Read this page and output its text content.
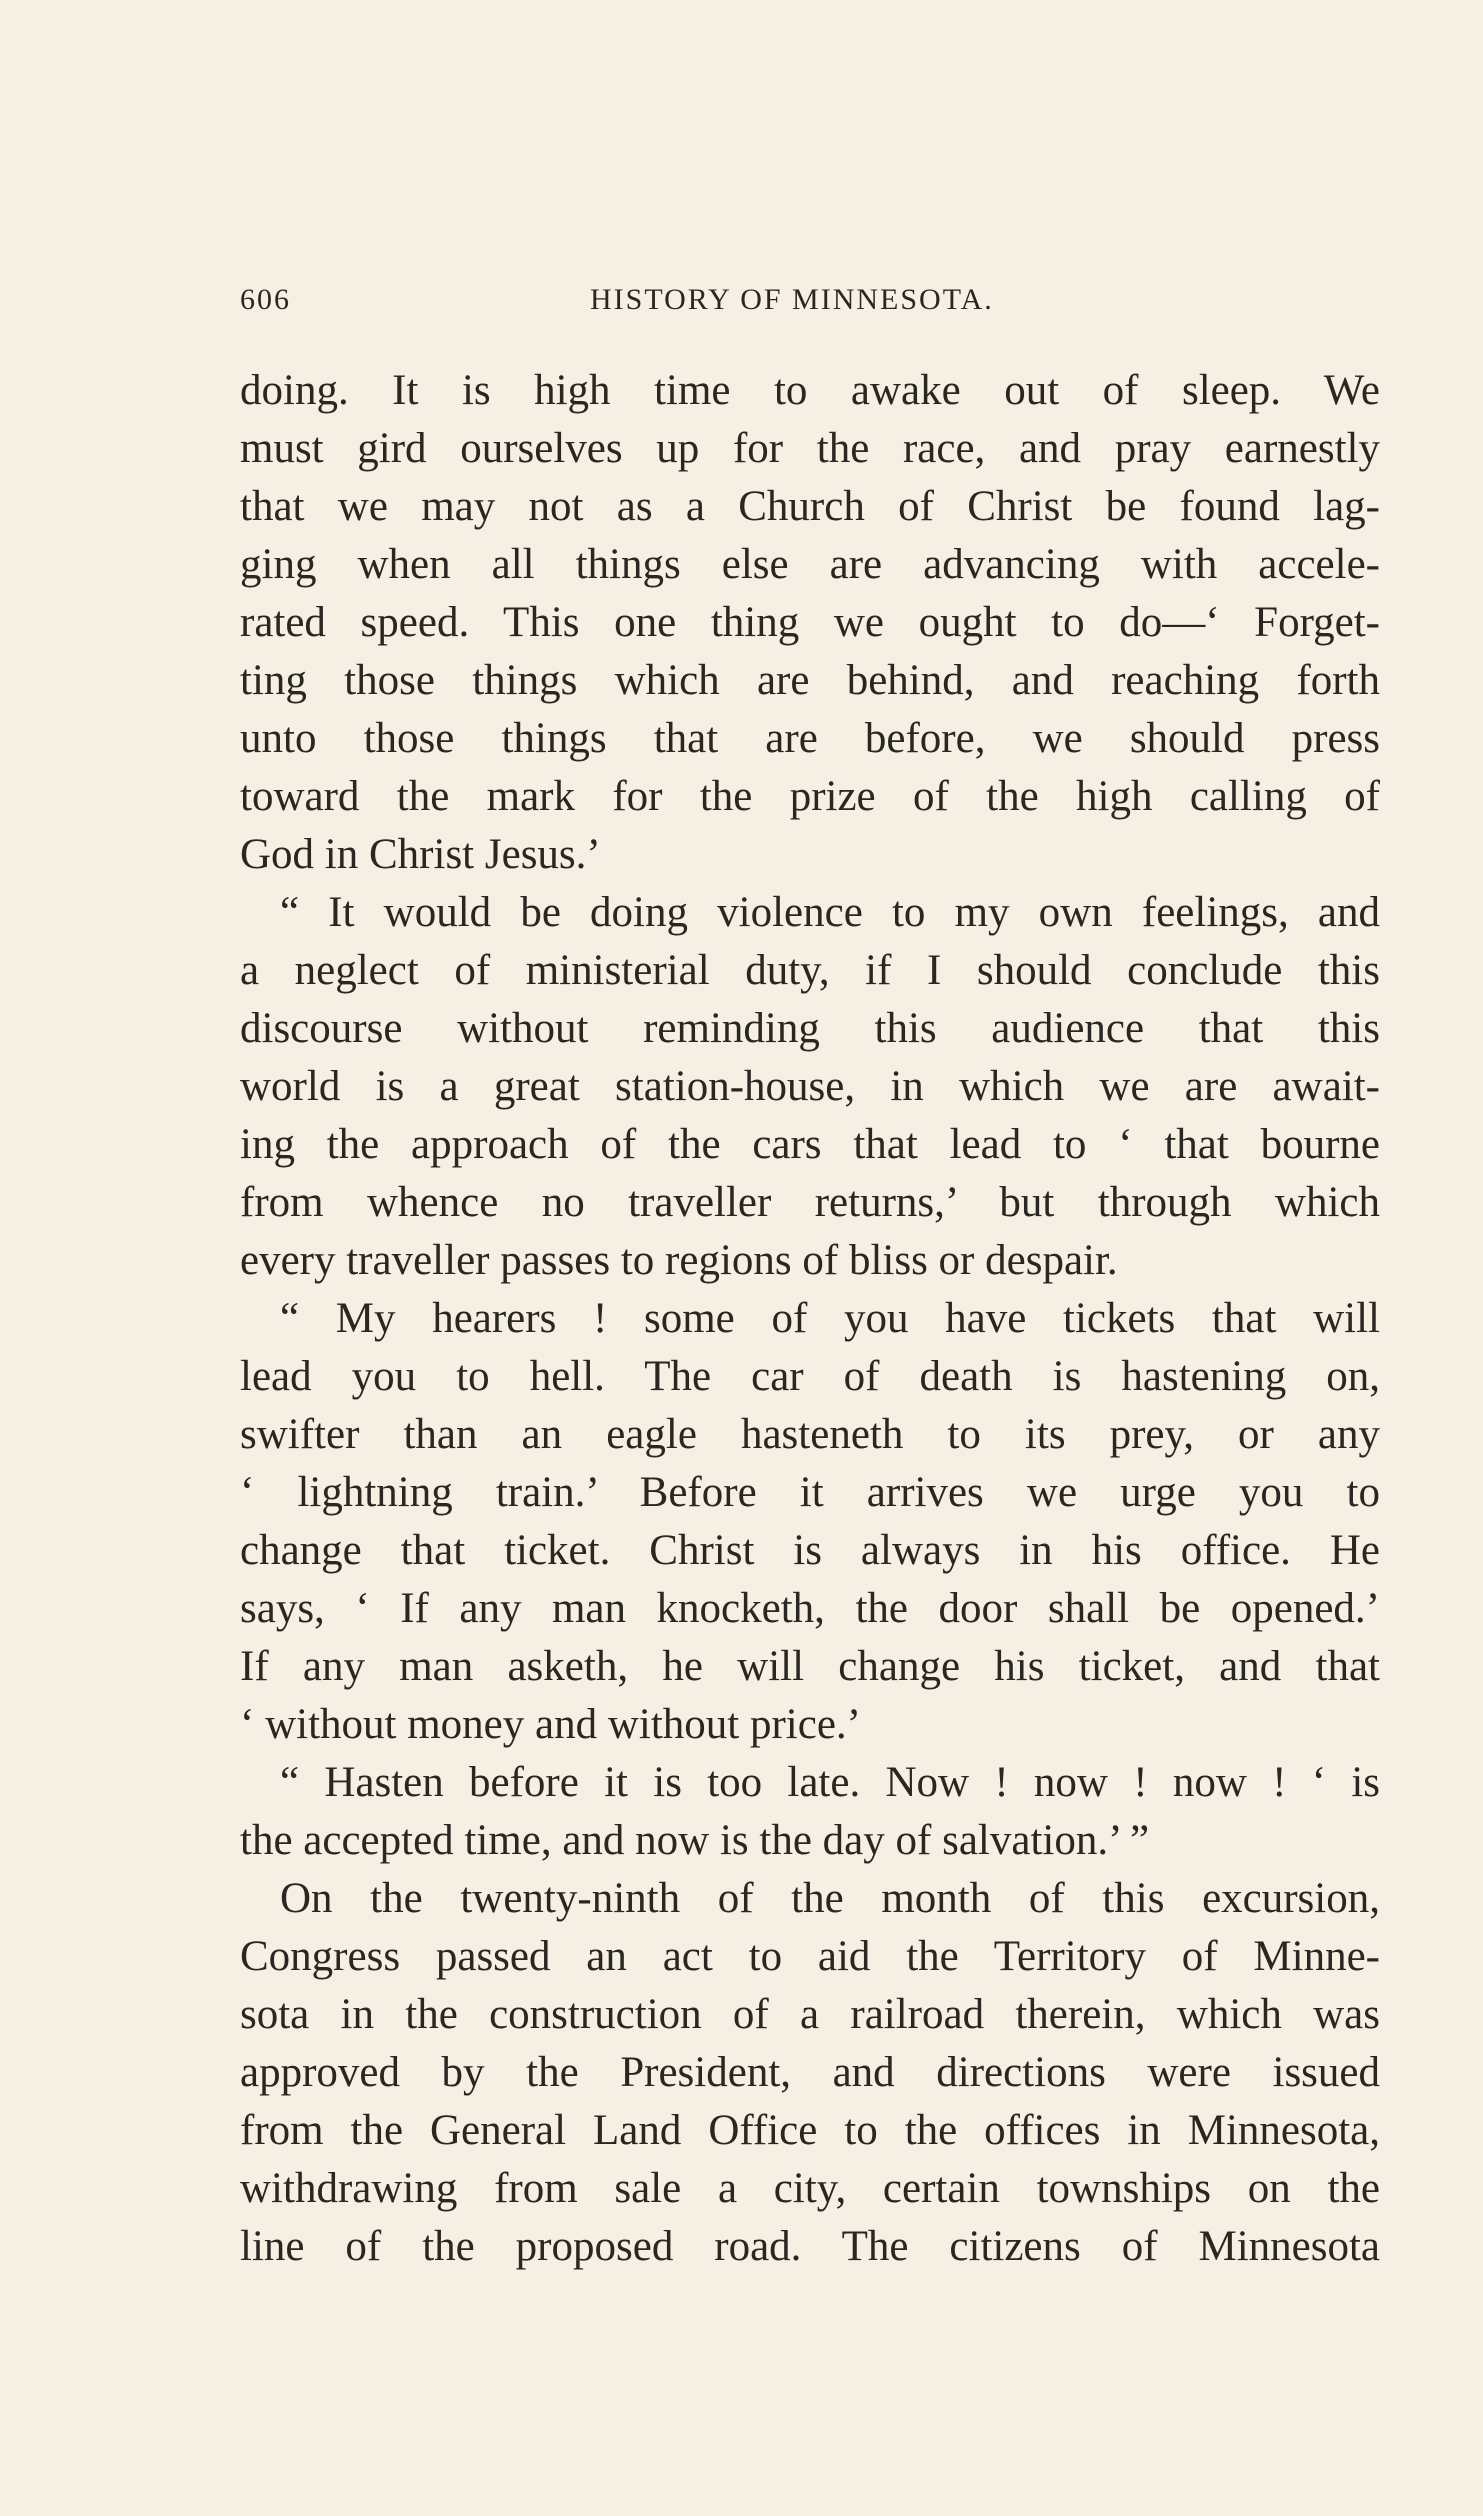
606	HISTORY OF MINNESOTA.
doing. It is high time to awake out of sleep. We
must gird ourselves up for the race, and pray earnestly
that we may not as a Church of Christ be found lag-
ging when all things else are advancing with accele-
rated speed. This one thing we ought to do—‘ Forget-
ting those things which are behind, and reaching forth
unto those things that are before, we should press
toward the mark for the prize of the high calling of
God in Christ Jesus.’
“ It would be doing violence to my own feelings, and
a neglect of ministerial duty, if I should conclude this
discourse without reminding this audience that this
world is a great station-house, in which we are await-
ing the approach of the cars that lead to ‘ that bourne
from whence no traveller returns,’ but through which
every traveller passes to regions of bliss or despair.
“ My hearers ! some of you have tickets that will
lead you to hell. The car of death is hastening on,
swifter than an eagle hasteneth to its prey, or any
‘ lightning train.’ Before it arrives we urge you to
change that ticket. Christ is always in his office. He
says, ‘ If any man knocketh, the door shall be opened.’
If any man asketh, he will change his ticket, and that
‘ without money and without price.’
“ Hasten before it is too late. Now ! now ! now ! ‘ is
the accepted time, and now is the day of salvation.’ ”
On the twenty-ninth of the month of this excursion,
Congress passed an act to aid the Territory of Minne-
sota in the construction of a railroad therein, which was
approved by the President, and directions were issued
from the General Land Office to the offices in Minnesota,
withdrawing from sale a city, certain townships on the
line of the proposed road. The citizens of Minnesota
